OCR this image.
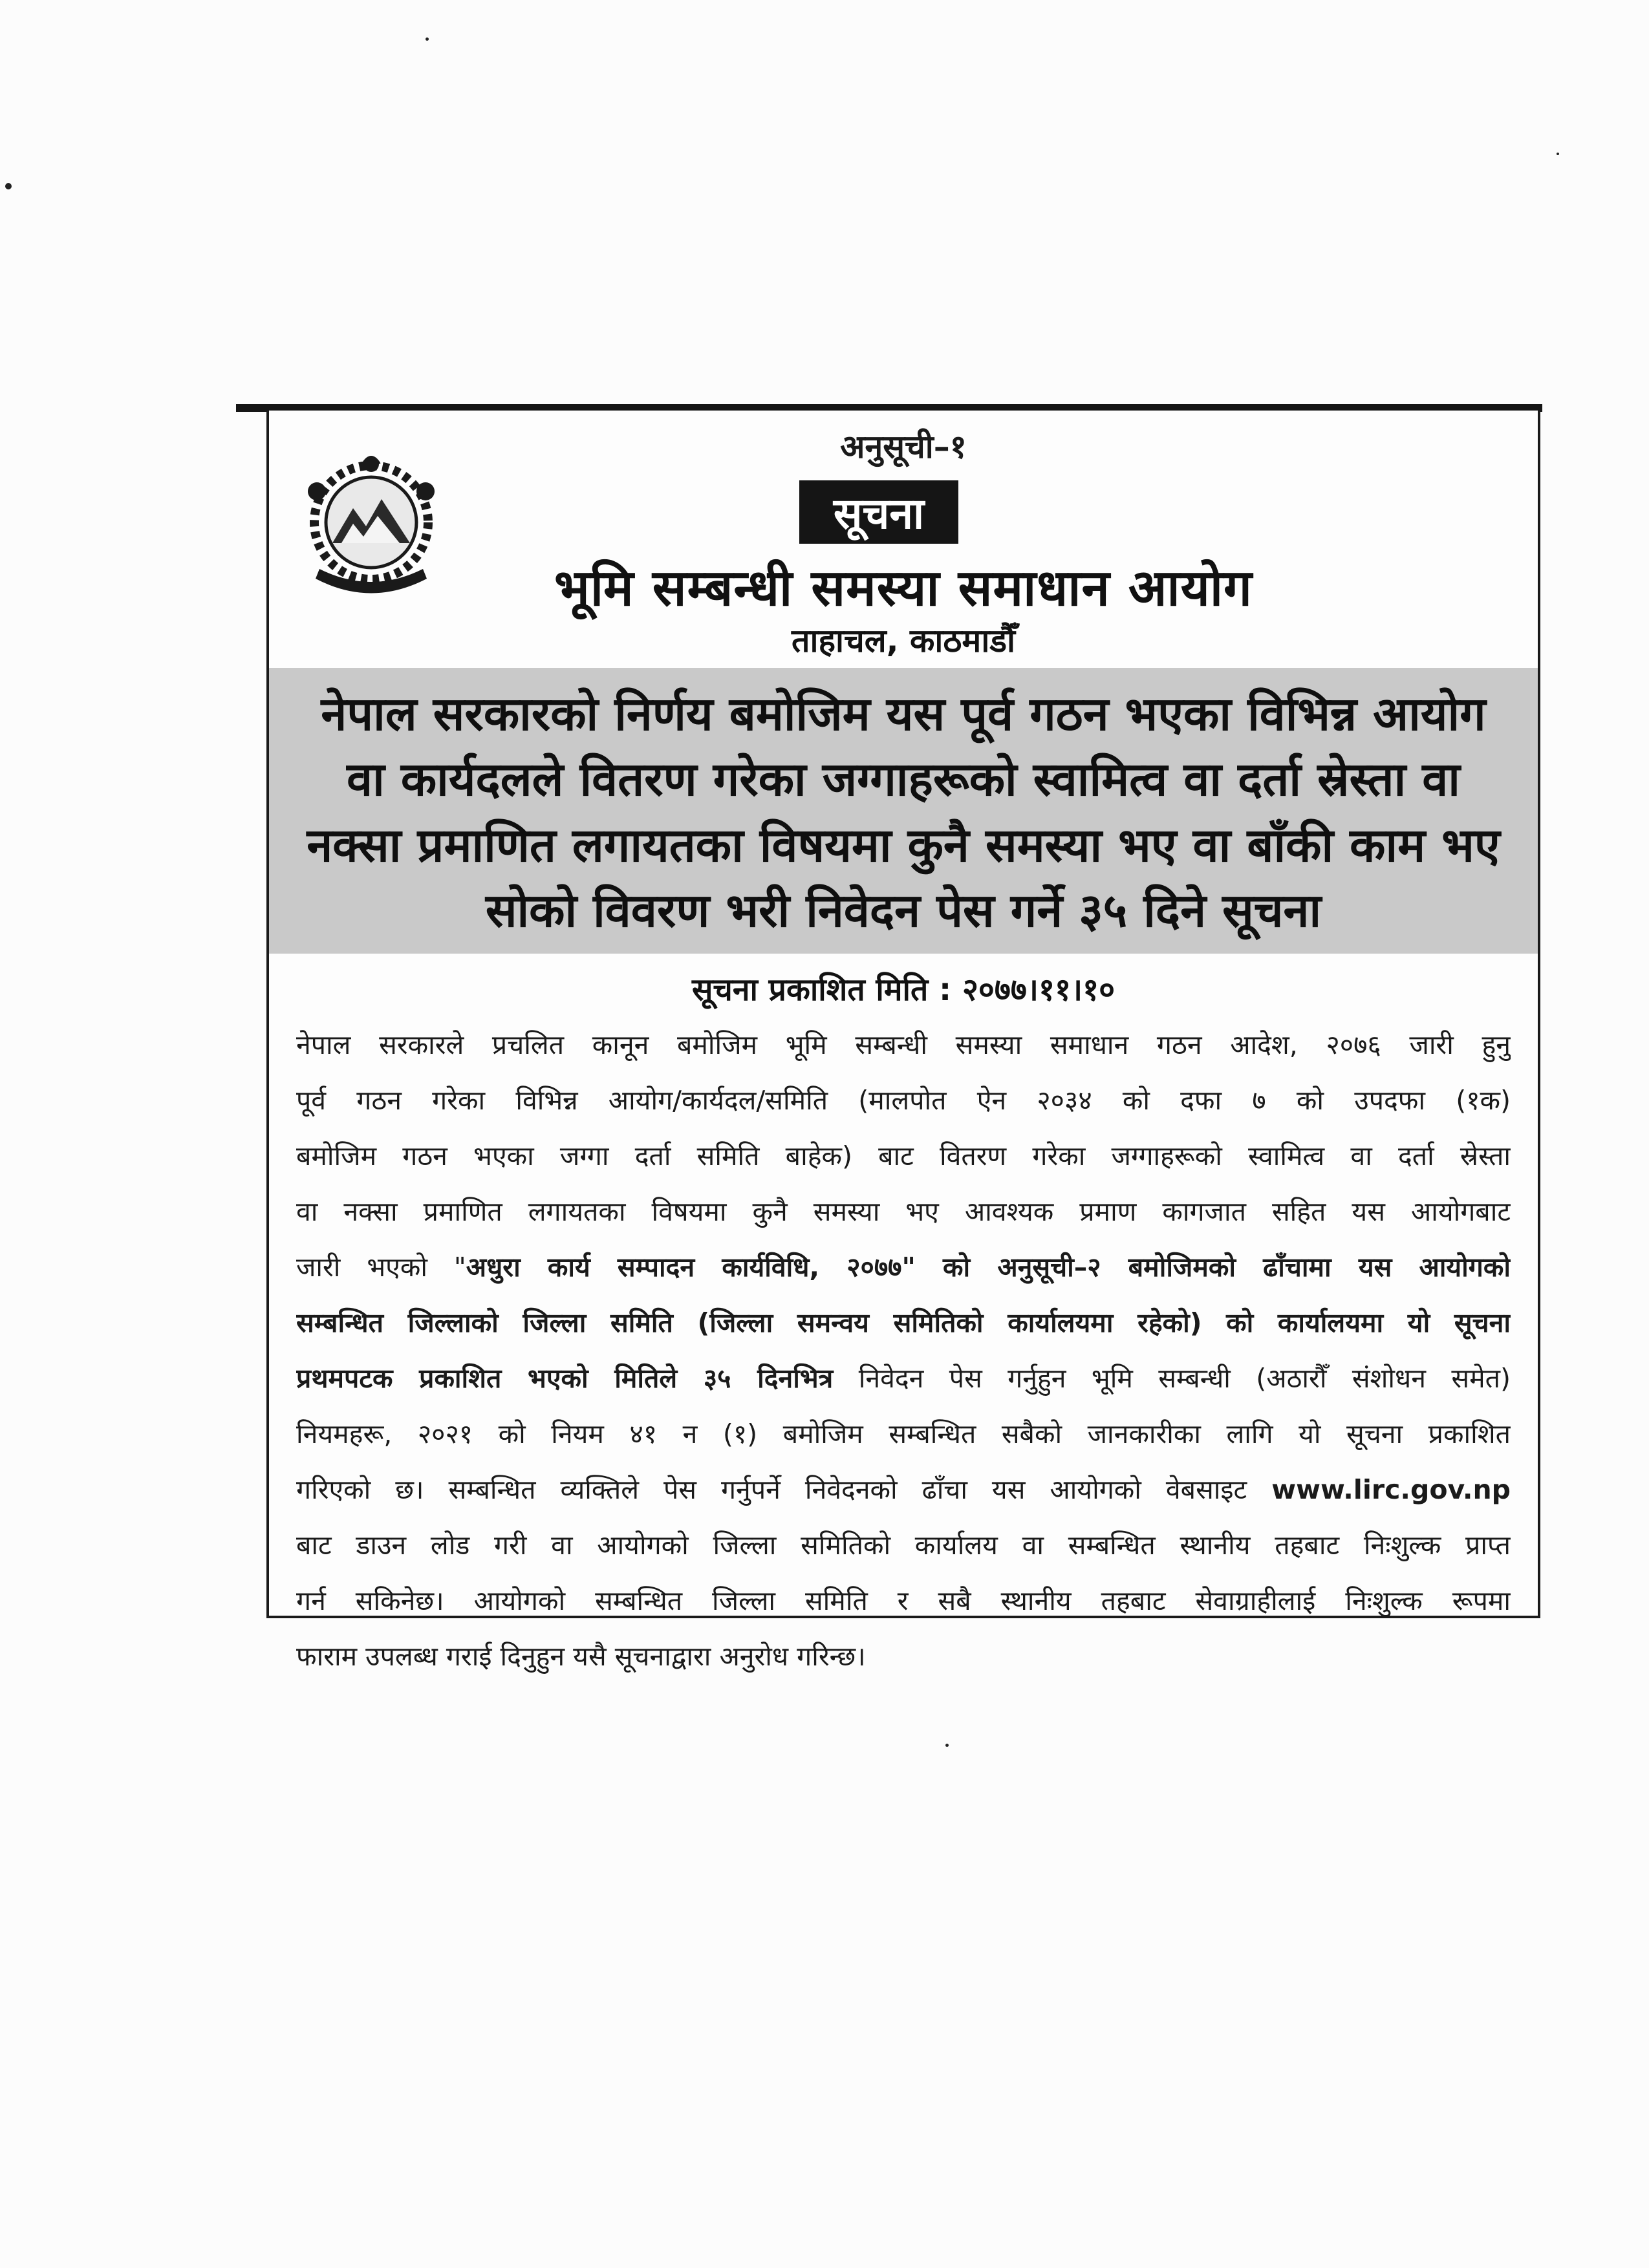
अनुसूची–१
सूचना
भूमि सम्बन्धी समस्या समाधान आयोग
ताहाचल, काठमाडौँ
नेपाल सरकारको निर्णय बमोजिम यस पूर्व गठन भएका विभिन्न आयोग
वा कार्यदलले वितरण गरेका जग्गाहरूको स्वामित्व वा दर्ता स्रेस्ता वा
नक्सा प्रमाणित लगायतका विषयमा कुनै समस्या भए वा बाँकी काम भए
सोको विवरण भरी निवेदन पेस गर्ने ३५ दिने सूचना
सूचना प्रकाशित मिति : २०७७।११।१०
नेपाल सरकारले प्रचलित कानून बमोजिम भूमि सम्बन्धी समस्या समाधान गठन आदेश, २०७६ जारी हुनु
पूर्व गठन गरेका विभिन्न आयोग/कार्यदल/समिति (मालपोत ऐन २०३४ को दफा ७ को उपदफा (१क)
बमोजिम गठन भएका जग्गा दर्ता समिति बाहेक) बाट वितरण गरेका जग्गाहरूको स्वामित्व वा दर्ता स्रेस्ता
वा नक्सा प्रमाणित लगायतका विषयमा कुनै समस्या भए आवश्यक प्रमाण कागजात सहित यस आयोगबाट
जारी भएको "अधुरा कार्य सम्पादन कार्यविधि, २०७७" को अनुसूची–२ बमोजिमको ढाँचामा यस आयोगको
सम्बन्धित जिल्लाको जिल्ला समिति (जिल्ला समन्वय समितिको कार्यालयमा रहेको) को कार्यालयमा यो सूचना
प्रथमपटक प्रकाशित भएको मितिले ३५ दिनभित्र निवेदन पेस गर्नुहुन भूमि सम्बन्धी (अठारौँ संशोधन समेत)
नियमहरू, २०२१ को नियम ४१ न (१) बमोजिम सम्बन्धित सबैको जानकारीका लागि यो सूचना प्रकाशित
गरिएको छ। सम्बन्धित व्यक्तिले पेस गर्नुपर्ने निवेदनको ढाँचा यस आयोगको वेबसाइट www.lirc.gov.np
बाट डाउन लोड गरी वा आयोगको जिल्ला समितिको कार्यालय वा सम्बन्धित स्थानीय तहबाट निःशुल्क प्राप्त
गर्न सकिनेछ। आयोगको सम्बन्धित जिल्ला समिति र सबै स्थानीय तहबाट सेवाग्राहीलाई निःशुल्क रूपमा
फाराम उपलब्ध गराई दिनुहुन यसै सूचनाद्वारा अनुरोध गरिन्छ।
